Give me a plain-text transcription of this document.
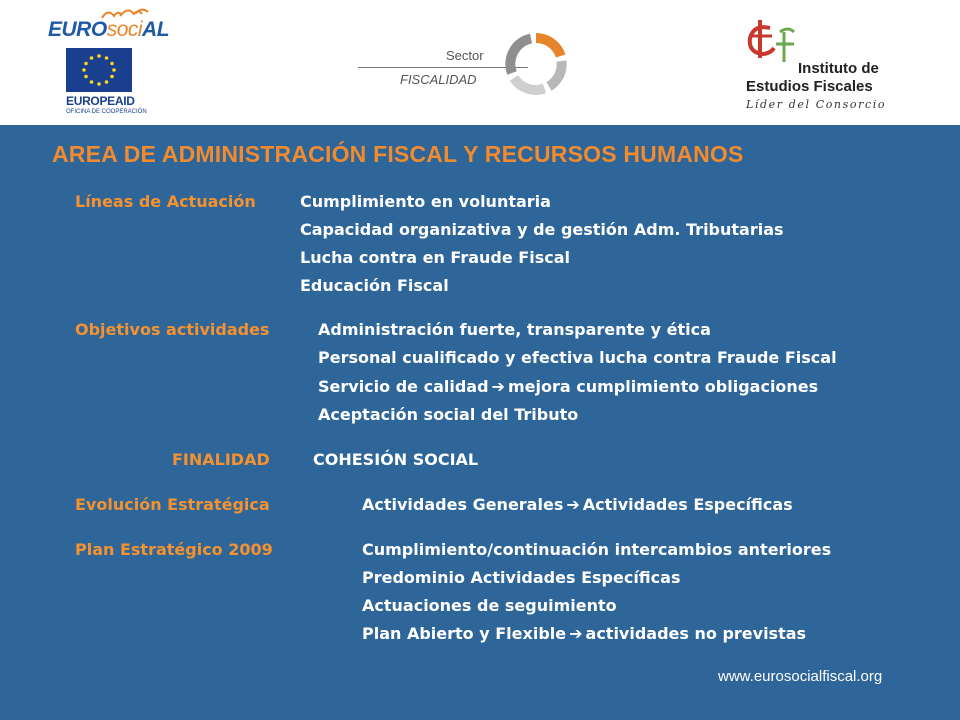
EUROsociAL
EUROPEAID
OFICINA DE COOPERACIÓN
Sector
FISCALIDAD
Instituto de
Estudios Fiscales
Líder del Consorcio
AREA DE ADMINISTRACIÓN FISCAL Y RECURSOS HUMANOS
Líneas de Actuación	Cumplimiento en voluntaria
Capacidad organizativa y de gestión Adm. Tributarias
Lucha contra en Fraude Fiscal
Educación Fiscal
Objetivos actividades	Administración fuerte, transparente y ética
Personal cualificado y efectiva lucha contra Fraude Fiscal
Servicio de calidad ➔ mejora cumplimiento obligaciones
Aceptación social del Tributo
FINALIDAD	COHESIÓN SOCIAL
Evolución Estratégica	Actividades Generales ➔ Actividades Específicas
Plan Estratégico 2009	Cumplimiento/continuación intercambios anteriores
Predominio Actividades Específicas
Actuaciones de seguimiento
Plan Abierto y Flexible ➔ actividades no previstas
www.eurosocialfiscal.org
